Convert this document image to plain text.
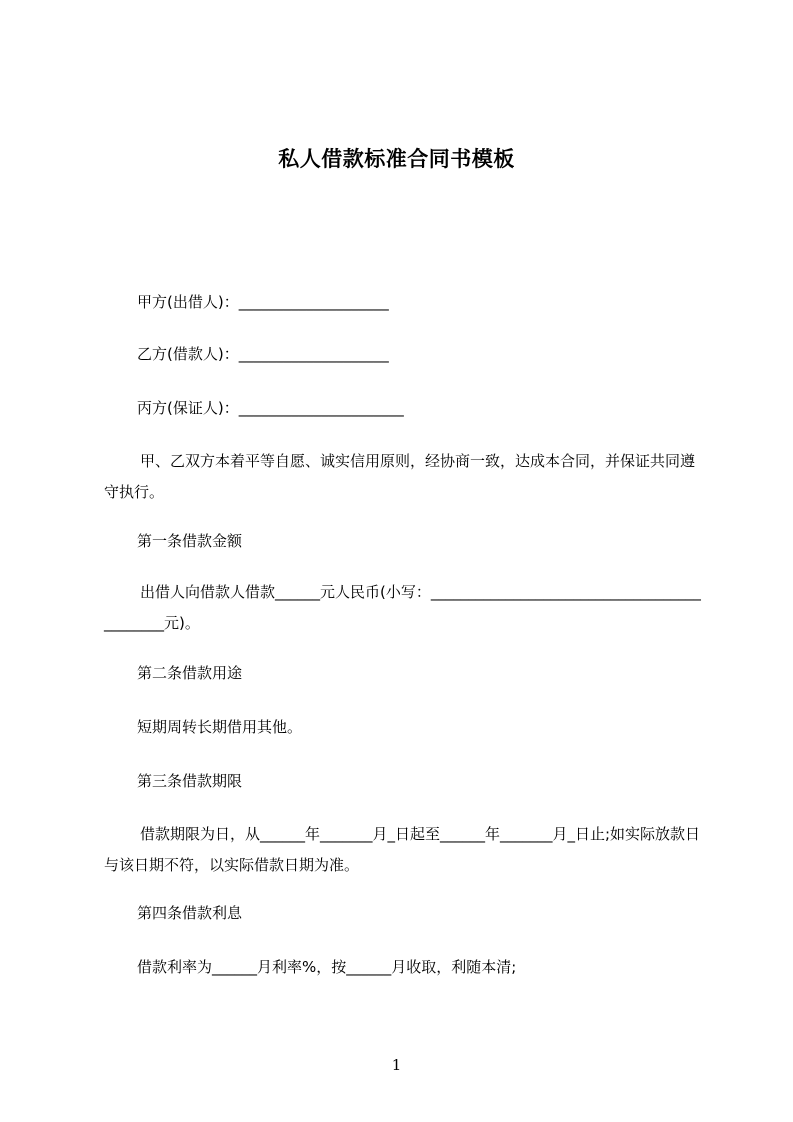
私人借款标准合同书模板
甲方(出借人)：____________________
乙方(借款人)：____________________
丙方(保证人)：______________________
甲、乙双方本着平等自愿、诚实信用原则，经协商一致，达成本合同，并保证共同遵守执行。
第一条借款金额
出借人向借款人借款______元人民币(小写：____________________________________________元)。
第二条借款用途
短期周转长期借用其他。
第三条借款期限
借款期限为日，从______年_______月_日起至______年_______月_日止;如实际放款日与该日期不符，以实际借款日期为准。
第四条借款利息
借款利率为______月利率%，按______月收取，利随本清;
1
